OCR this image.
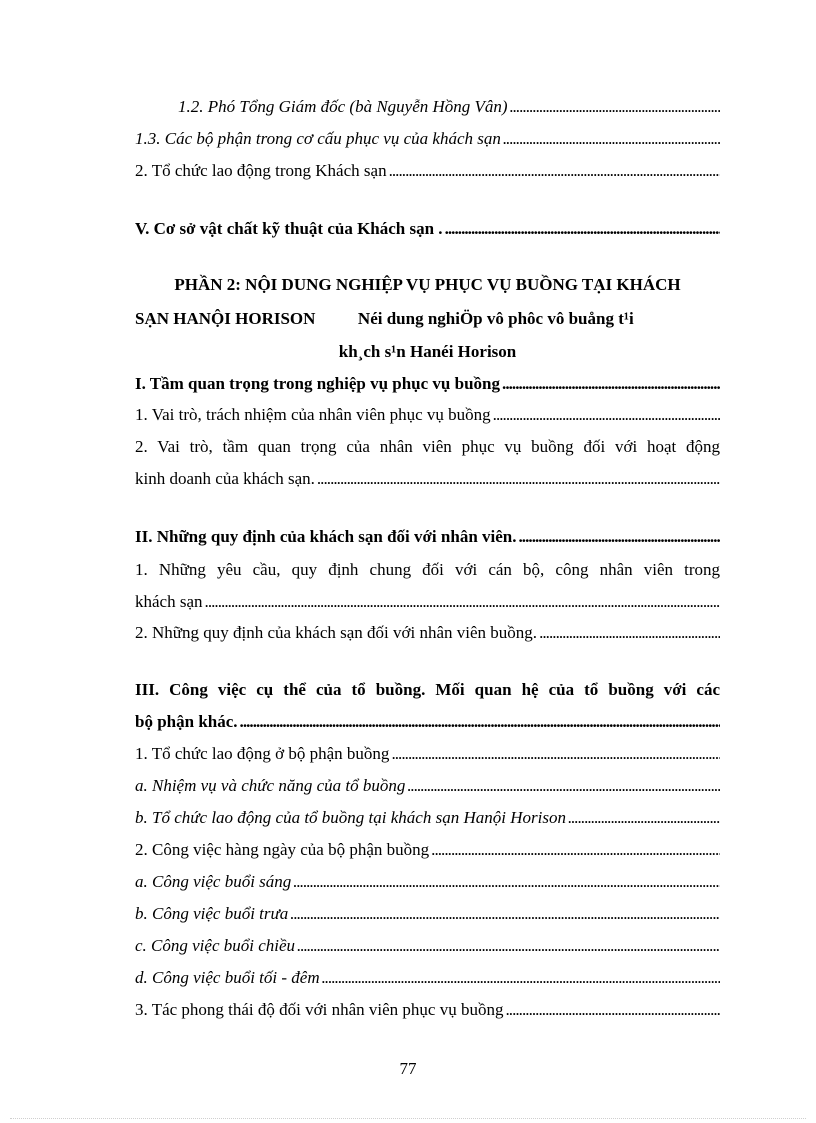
1.2. Phó Tổng Giám đốc (bà Nguyễn Hồng Vân)
. . .
1.3. Các bộ phận trong cơ cấu phục vụ của khách sạn
. . .
2. Tổ chức lao động trong Khách sạn
. . .
V. Cơ sở vật chất kỹ thuật của Khách sạn .
. . .
PHẦN 2: NỘI DUNG NGHIỆP VỤ PHỤC VỤ BUỒNG TẠI KHÁCH
SẠN HANỘI HORISON          Néi dung nghiÖp vô phôc vô buång t¹i
kh¸ch s¹n Hanéi Horison
I. Tầm quan trọng trong nghiệp vụ phục vụ buồng
. . .
1. Vai trò, trách nhiệm của nhân viên phục vụ buồng
. . .
2. Vai trò, tầm quan trọng của nhân viên phục vụ buồng đối với hoạt động
kinh doanh của khách sạn.
. . .
II. Những quy định của khách sạn đối với nhân viên.
. . .
1. Những yêu cầu, quy định chung đối với cán bộ, công nhân viên trong
khách sạn
. . .
2. Những quy định của khách sạn đối với nhân viên buồng.
. . .
III. Công việc cụ thể của tổ buồng. Mối quan hệ của tổ buồng với các
bộ phận khác.
. . .
1. Tổ chức lao động ở bộ phận buồng
. . .
a. Nhiệm vụ và chức năng của tổ buồng
. . .
b. Tổ chức lao động của tổ buồng tại khách sạn Hanội Horison
. . .
2. Công việc hàng ngày của bộ phận buồng
. . .
a. Công việc buổi sáng
. . .
b. Công việc buổi trưa
. . .
c. Công việc buổi chiều
. . .
d. Công việc buổi tối - đêm
. . .
3. Tác phong thái độ đối với nhân viên phục vụ buồng
. . .
77
